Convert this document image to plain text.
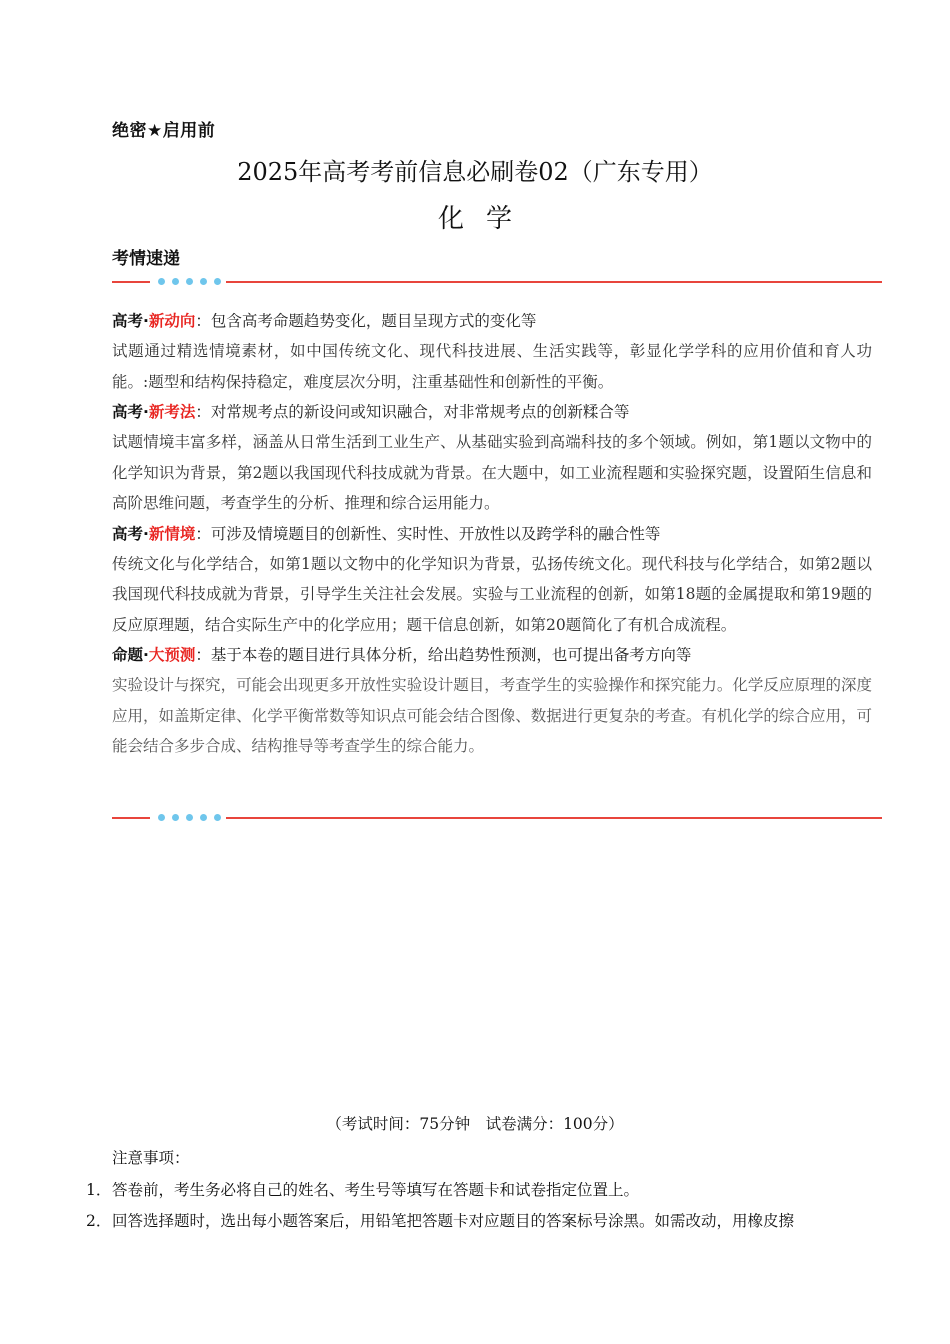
绝密★启用前
2025年高考考前信息必刷卷02（广东专用）
化学
考情速递
高考·新动向：包含高考命题趋势变化，题目呈现方式的变化等

试题通过精选情境素材，如中国传统文化、现代科技进展、生活实践等，彰显化学学科的应用价值和育人功能。:题型和结构保持稳定，难度层次分明，注重基础性和创新性的平衡。

高考·新考法：对常规考点的新设问或知识融合，对非常规考点的创新糅合等

试题情境丰富多样，涵盖从日常生活到工业生产、从基础实验到高端科技的多个领域。例如，第1题以文物中的化学知识为背景，第2题以我国现代科技成就为背景。在大题中，如工业流程题和实验探究题，设置陌生信息和高阶思维问题，考查学生的分析、推理和综合运用能力。

高考·新情境：可涉及情境题目的创新性、实时性、开放性以及跨学科的融合性等

传统文化与化学结合，如第1题以文物中的化学知识为背景，弘扬传统文化。现代科技与化学结合，如第2题以我国现代科技成就为背景，引导学生关注社会发展。实验与工业流程的创新，如第18题的金属提取和第19题的反应原理题，结合实际生产中的化学应用；题干信息创新，如第20题简化了有机合成流程。

命题·大预测：基于本卷的题目进行具体分析，给出趋势性预测，也可提出备考方向等

实验设计与探究，可能会出现更多开放性实验设计题目，考查学生的实验操作和探究能力。化学反应原理的深度应用，如盖斯定律、化学平衡常数等知识点可能会结合图像、数据进行更复杂的考查。有机化学的综合应用，可能会结合多步合成、结构推导等考查学生的综合能力。

（考试时间：75分钟　试卷满分：100分）
注意事项：
1．答卷前，考生务必将自己的姓名、考生号等填写在答题卡和试卷指定位置上。
2．回答选择题时，选出每小题答案后，用铅笔把答题卡对应题目的答案标号涂黑。如需改动，用橡皮擦
